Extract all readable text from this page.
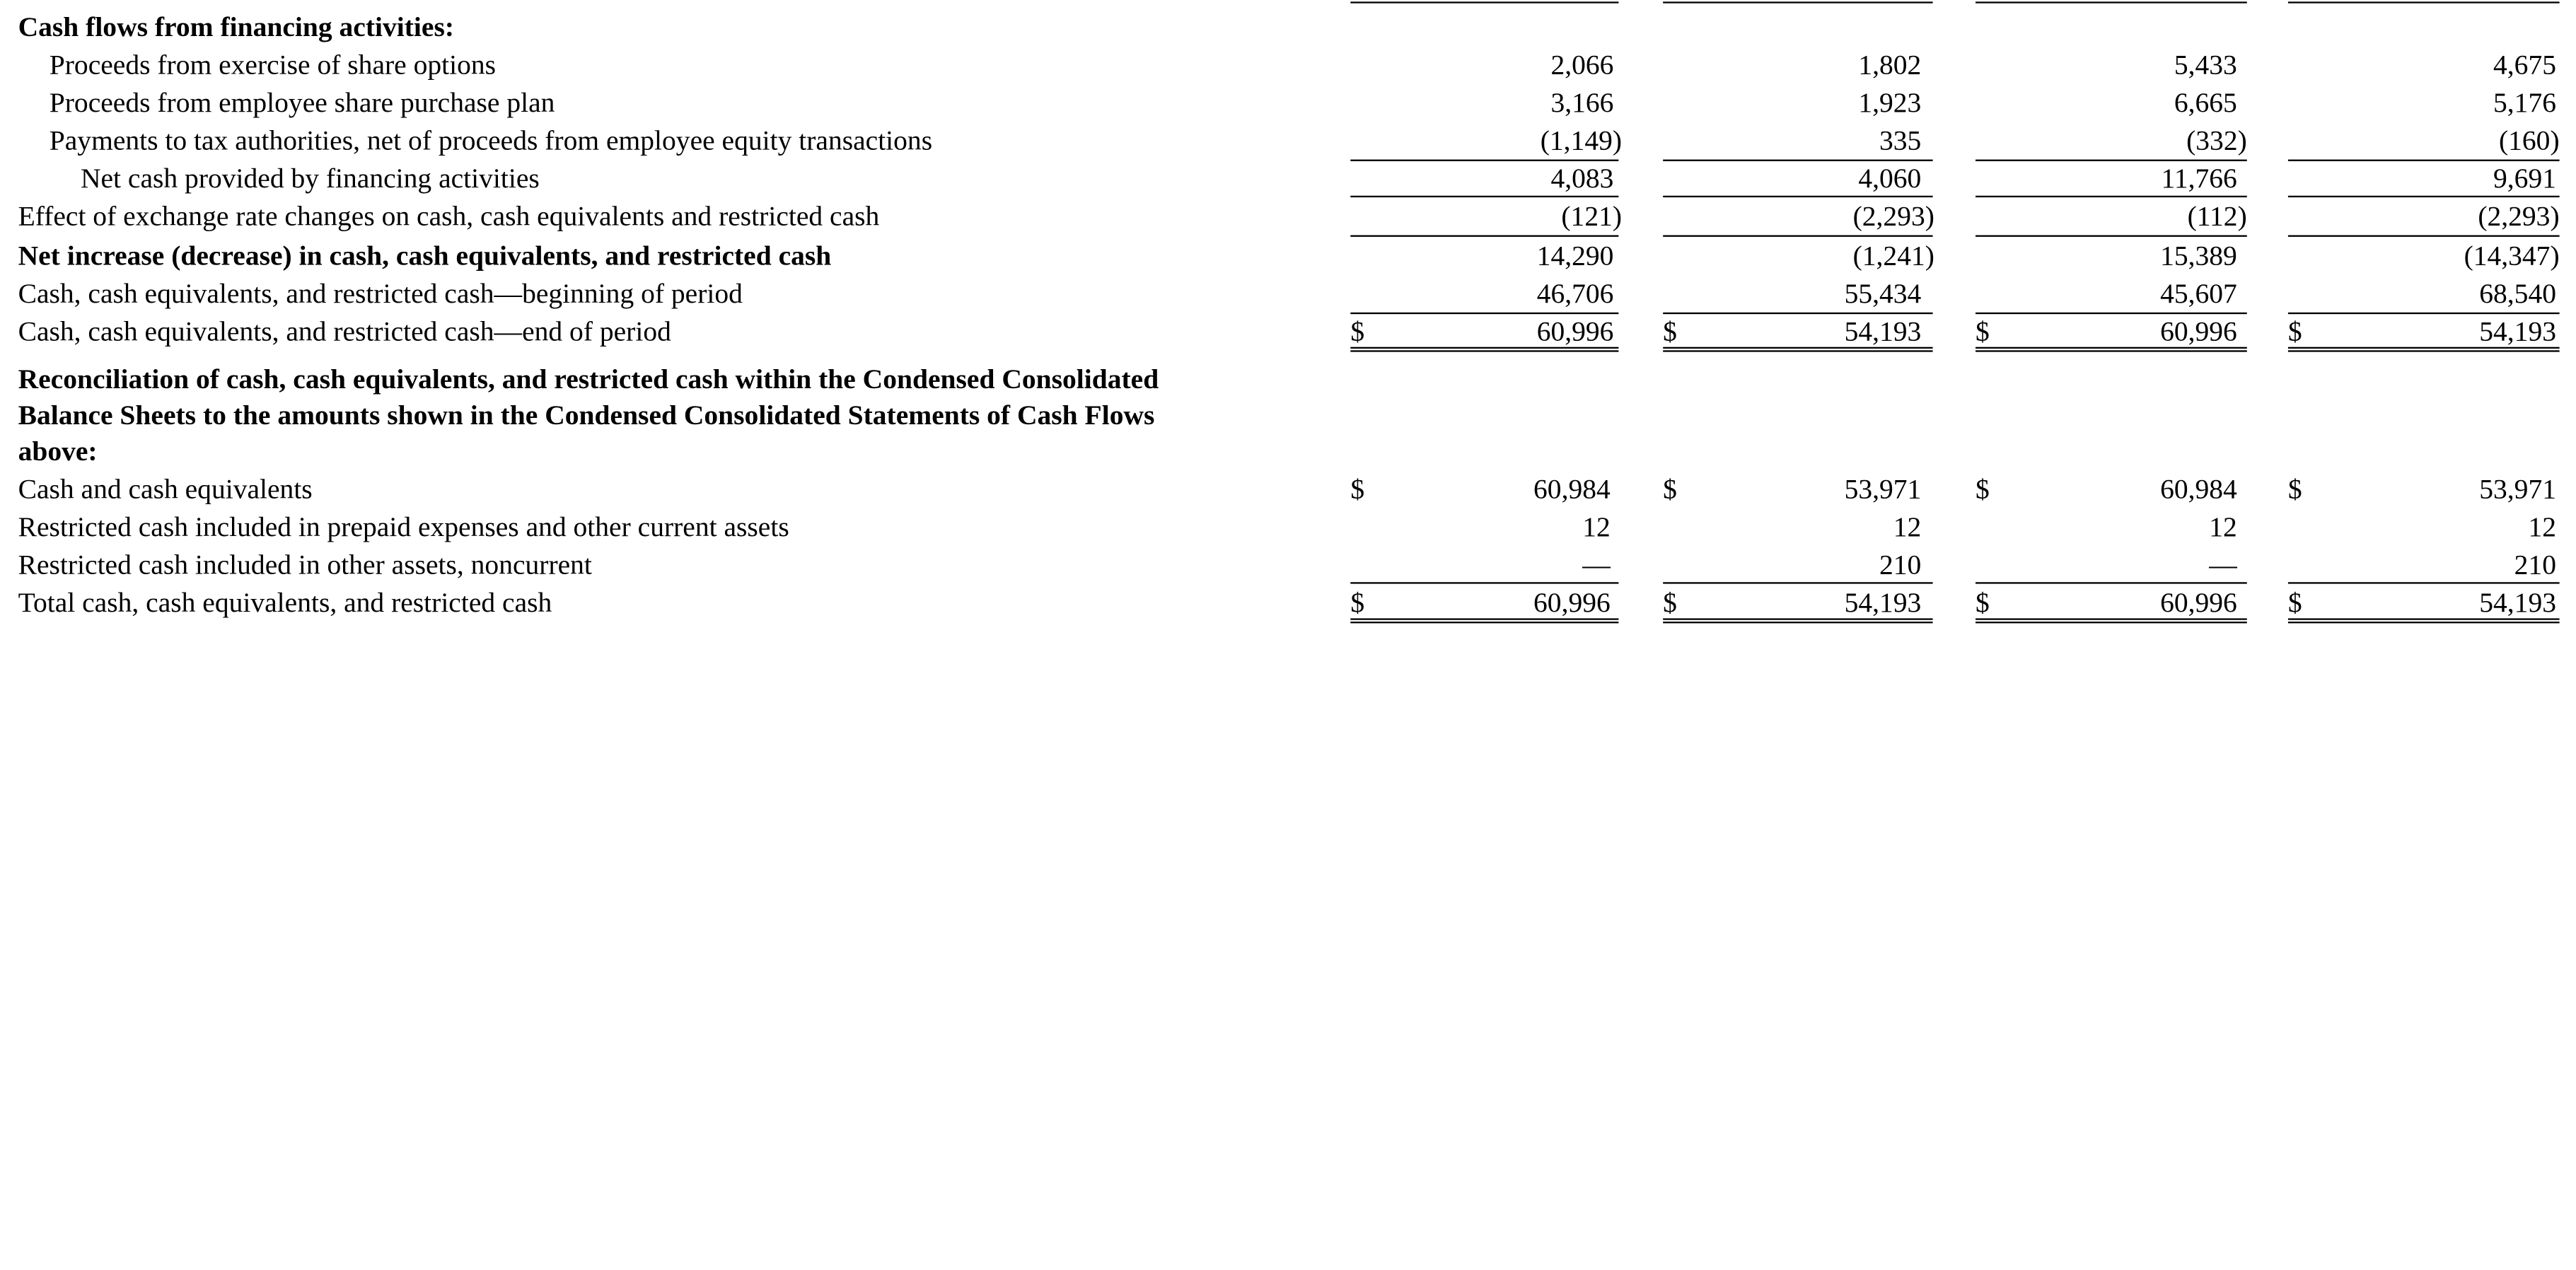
Cash flows from financing activities:
Proceeds from exercise of share options	2,066	1,802	5,433	4,675
Proceeds from employee share purchase plan	3,166	1,923	6,665	5,176
Payments to tax authorities, net of proceeds from employee equity transactions	(1,149)	335	(332)	(160)
Net cash provided by financing activities	4,083	4,060	11,766	9,691
Effect of exchange rate changes on cash, cash equivalents and restricted cash	(121)	(2,293)	(112)	(2,293)
Net increase (decrease) in cash, cash equivalents, and restricted cash	14,290	(1,241)	15,389	(14,347)
Cash, cash equivalents, and restricted cash—beginning of period	46,706	55,434	45,607	68,540
Cash, cash equivalents, and restricted cash—end of period	$	60,996	$	54,193	$	60,996	$	54,193
Reconciliation of cash, cash equivalents, and restricted cash within the Condensed Consolidated
Balance Sheets to the amounts shown in the Condensed Consolidated Statements of Cash Flows
above:
Cash and cash equivalents	$	60,984	$	53,971	$	60,984	$	53,971
Restricted cash included in prepaid expenses and other current assets	12	12	12	12
Restricted cash included in other assets, noncurrent	—	210	—	210
Total cash, cash equivalents, and restricted cash	$	60,996	$	54,193	$	60,996	$	54,193
